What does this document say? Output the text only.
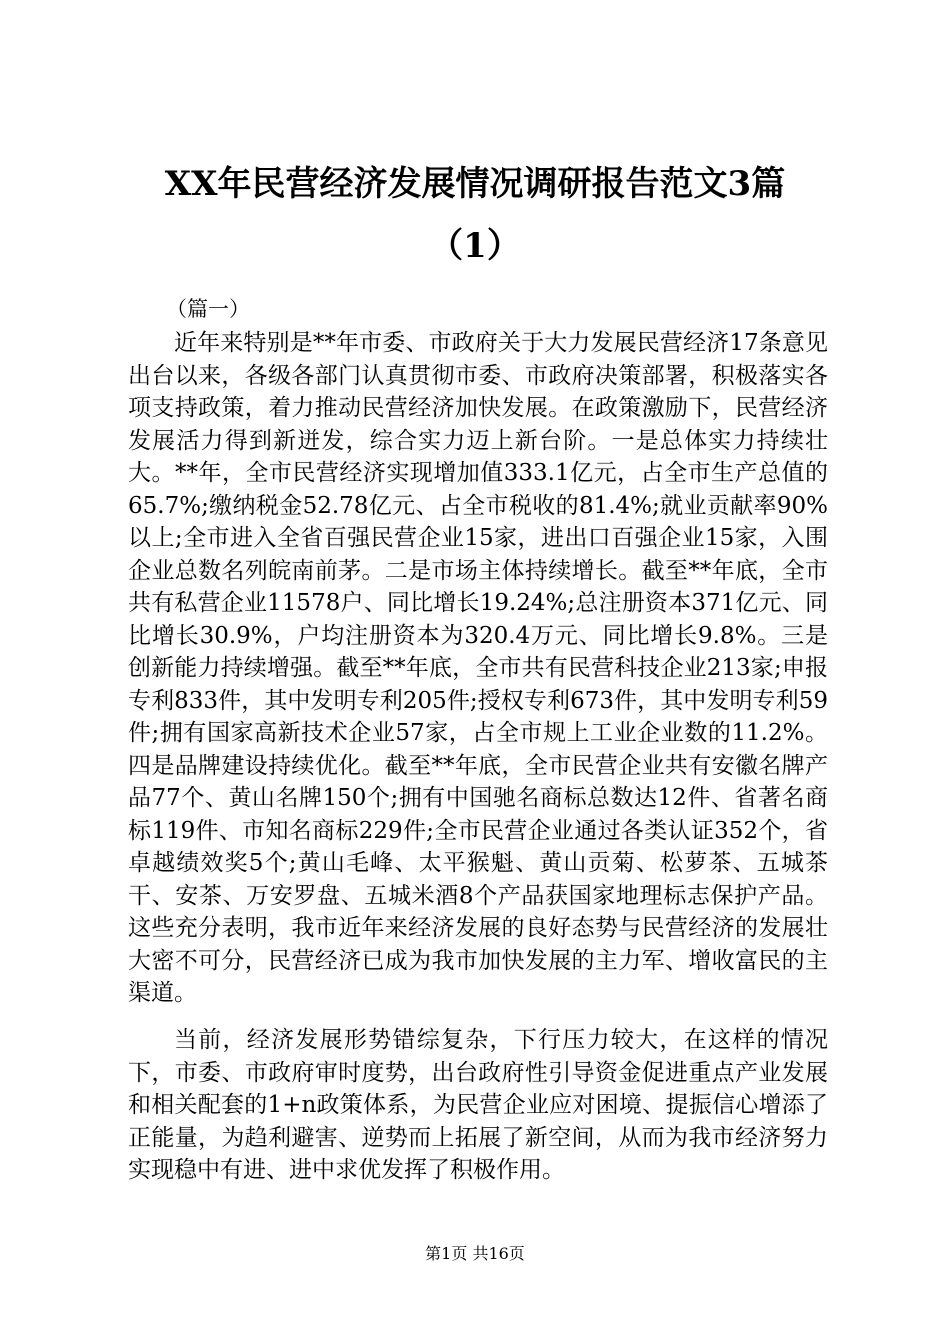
XX年民营经济发展情况调研报告范文3篇
（1）

（篇一）

近年来特别是**年市委、市政府关于大力发展民营经济17条意见出台以来，各级各部门认真贯彻市委、市政府决策部署，积极落实各项支持政策，着力推动民营经济加快发展。在政策激励下，民营经济发展活力得到新迸发，综合实力迈上新台阶。一是总体实力持续壮大。**年，全市民营经济实现增加值333.1亿元，占全市生产总值的65.7%;缴纳税金52.78亿元、占全市税收的81.4%;就业贡献率90%以上;全市进入全省百强民营企业15家，进出口百强企业15家，入围企业总数名列皖南前茅。二是市场主体持续增长。截至**年底，全市共有私营企业11578户、同比增长19.24%;总注册资本371亿元、同比增长30.9%，户均注册资本为320.4万元、同比增长9.8%。三是创新能力持续增强。截至**年底，全市共有民营科技企业213家;申报专利833件，其中发明专利205件;授权专利673件，其中发明专利59件;拥有国家高新技术企业57家，占全市规上工业企业数的11.2%。四是品牌建设持续优化。截至**年底，全市民营企业共有安徽名牌产品77个、黄山名牌150个;拥有中国驰名商标总数达12件、省著名商标119件、市知名商标229件;全市民营企业通过各类认证352个，省卓越绩效奖5个;黄山毛峰、太平猴魁、黄山贡菊、松萝茶、五城茶干、安茶、万安罗盘、五城米酒8个产品获国家地理标志保护产品。这些充分表明，我市近年来经济发展的良好态势与民营经济的发展壮大密不可分，民营经济已成为我市加快发展的主力军、增收富民的主渠道。

当前，经济发展形势错综复杂，下行压力较大，在这样的情况下，市委、市政府审时度势，出台政府性引导资金促进重点产业发展和相关配套的1+n政策体系，为民营企业应对困境、提振信心增添了正能量，为趋利避害、逆势而上拓展了新空间，从而为我市经济努力实现稳中有进、进中求优发挥了积极作用。

第1页 共16页
